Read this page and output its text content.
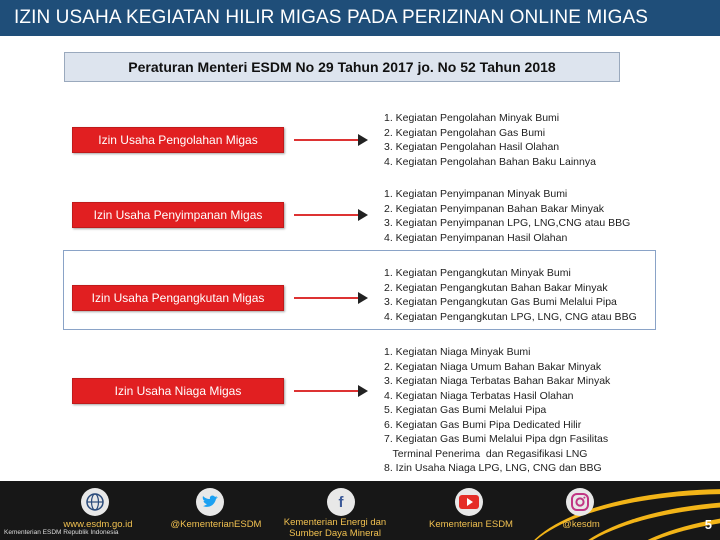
IZIN USAHA KEGIATAN HILIR MIGAS PADA PERIZINAN ONLINE MIGAS
Peraturan Menteri ESDM No 29 Tahun 2017 jo. No 52 Tahun 2018
Izin Usaha Pengolahan Migas
1. Kegiatan Pengolahan Minyak Bumi
2. Kegiatan Pengolahan Gas Bumi
3. Kegiatan Pengolahan Hasil Olahan
4. Kegiatan Pengolahan Bahan Baku Lainnya
Izin Usaha Penyimpanan Migas
1. Kegiatan Penyimpanan Minyak Bumi
2. Kegiatan Penyimpanan Bahan Bakar Minyak
3. Kegiatan Penyimpanan LPG, LNG,CNG atau BBG
4. Kegiatan Penyimpanan Hasil Olahan
Izin Usaha Pengangkutan Migas
1. Kegiatan Pengangkutan Minyak Bumi
2. Kegiatan Pengangkutan Bahan Bakar Minyak
3. Kegiatan Pengangkutan Gas Bumi Melalui Pipa
4. Kegiatan Pengangkutan LPG, LNG, CNG atau BBG
Izin Usaha Niaga Migas
1. Kegiatan Niaga Minyak Bumi
2. Kegiatan Niaga Umum Bahan Bakar Minyak
3. Kegiatan Niaga Terbatas Bahan Bakar Minyak
4. Kegiatan Niaga Terbatas Hasil Olahan
5. Kegiatan Gas Bumi Melalui Pipa
6. Kegiatan Gas Bumi Pipa Dedicated Hilir
7. Kegiatan Gas Bumi Melalui Pipa dgn Fasilitas
Terminal Penerima  dan Regasifikasi LNG
8. Izin Usaha Niaga LPG, LNG, CNG dan BBG
f
www.esdm.go.id	@KementerianESDM	Kementerian Energi dan Sumber Daya Mineral
Kementerian ESDM	@kesdm
Kementerian ESDM Republik Indonesia
5
